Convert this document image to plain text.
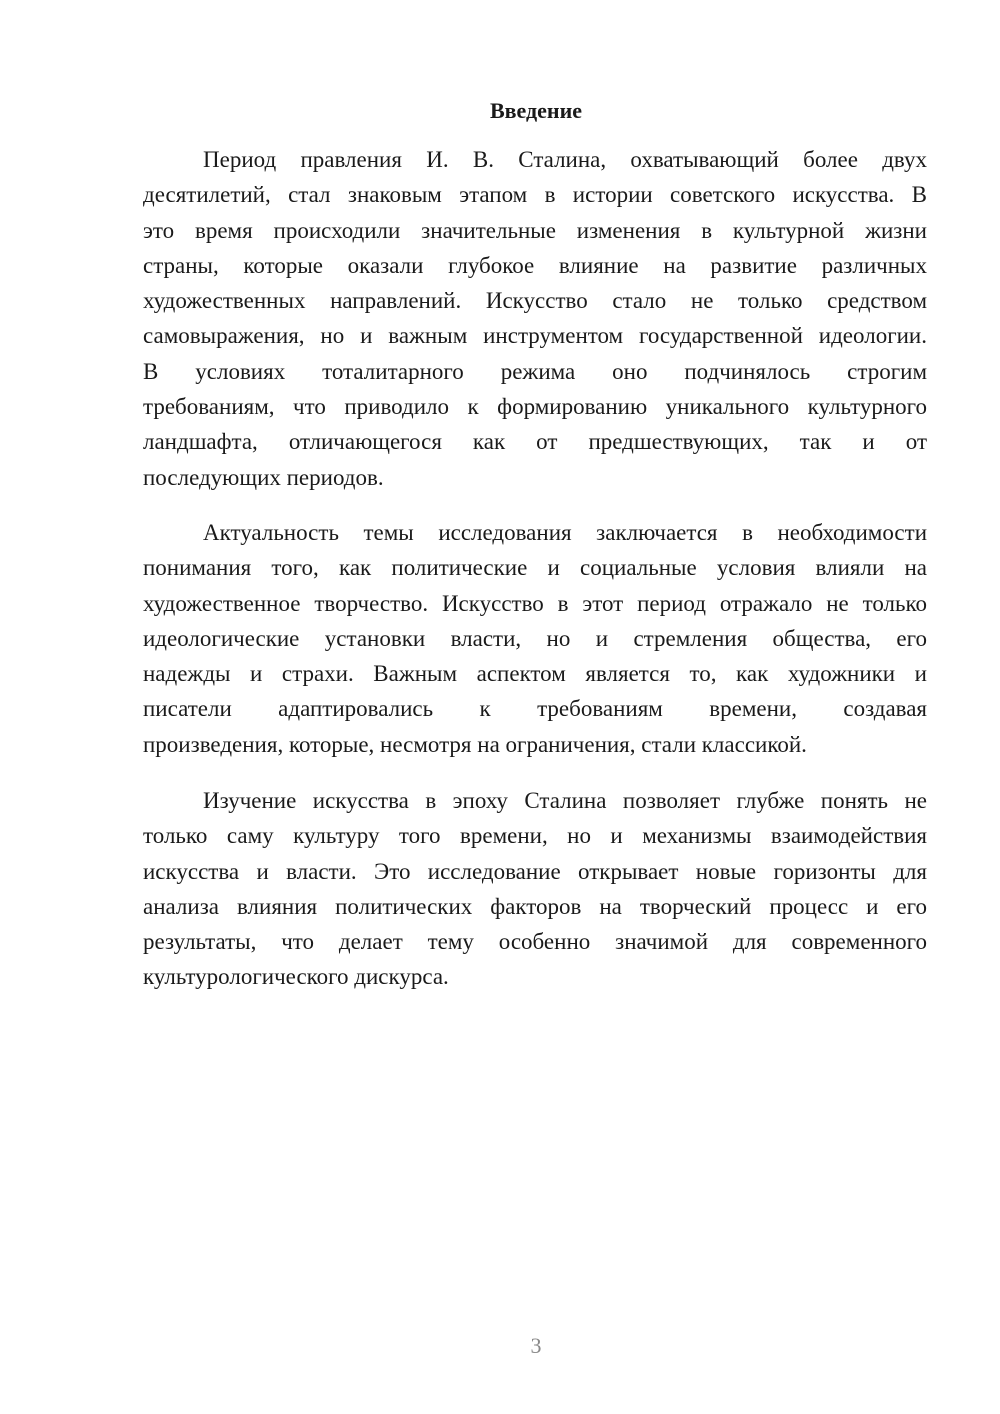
Введение
Период правления И. В. Сталина, охватывающий более двух
десятилетий, стал знаковым этапом в истории советского искусства. В
это время происходили значительные изменения в культурной жизни
страны, которые оказали глубокое влияние на развитие различных
художественных направлений. Искусство стало не только средством
самовыражения, но и важным инструментом государственной идеологии.
В условиях тоталитарного режима оно подчинялось строгим
требованиям, что приводило к формированию уникального культурного
ландшафта, отличающегося как от предшествующих, так и от
последующих периодов.
Актуальность темы исследования заключается в необходимости
понимания того, как политические и социальные условия влияли на
художественное творчество. Искусство в этот период отражало не только
идеологические установки власти, но и стремления общества, его
надежды и страхи. Важным аспектом является то, как художники и
писатели адаптировались к требованиям времени, создавая
произведения, которые, несмотря на ограничения, стали классикой.
Изучение искусства в эпоху Сталина позволяет глубже понять не
только саму культуру того времени, но и механизмы взаимодействия
искусства и власти. Это исследование открывает новые горизонты для
анализа влияния политических факторов на творческий процесс и его
результаты, что делает тему особенно значимой для современного
культурологического дискурса.
3
